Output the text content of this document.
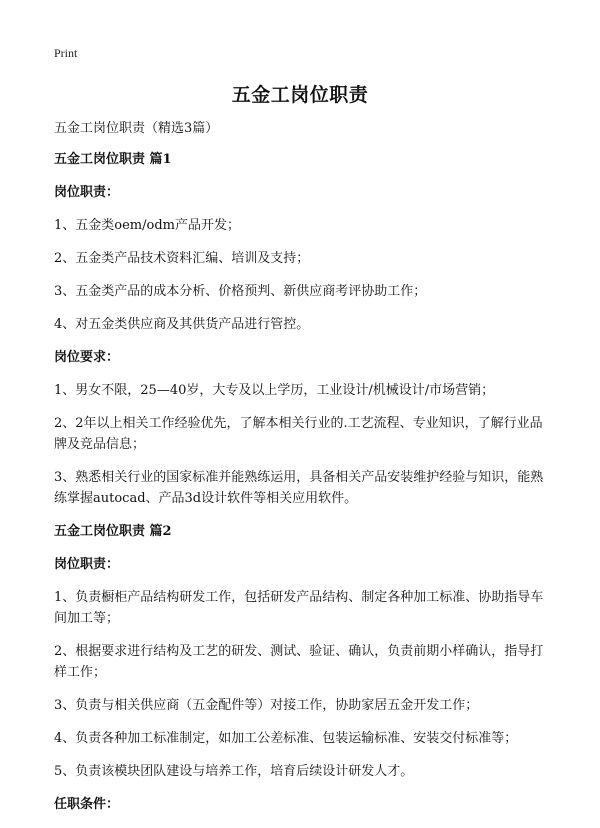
Print
五金工岗位职责

五金工岗位职责（精选3篇）

五金工岗位职责 篇1

岗位职责：

1、五金类oem/odm产品开发；

2、五金类产品技术资料汇编、培训及支持；

3、五金类产品的成本分析、价格预判、新供应商考评协助工作；

4、对五金类供应商及其供货产品进行管控。

岗位要求：

1、男女不限，25—40岁，大专及以上学历，工业设计/机械设计/市场营销；

2、2年以上相关工作经验优先，了解本相关行业的.工艺流程、专业知识，了解行业品牌及竞品信息；

3、熟悉相关行业的国家标准并能熟练运用，具备相关产品安装维护经验与知识，能熟练掌握autocad、产品3d设计软件等相关应用软件。

五金工岗位职责 篇2

岗位职责：

1、负责橱柜产品结构研发工作，包括研发产品结构、制定各种加工标准、协助指导车间加工等；

2、根据要求进行结构及工艺的研发、测试、验证、确认，负责前期小样确认，指导打样工作；

3、负责与相关供应商（五金配件等）对接工作，协助家居五金开发工作；

4、负责各种加工标准制定，如加工公差标准、包装运输标准、安装交付标准等；

5、负责该模块团队建设与培养工作，培育后续设计研发人才。

任职条件：
